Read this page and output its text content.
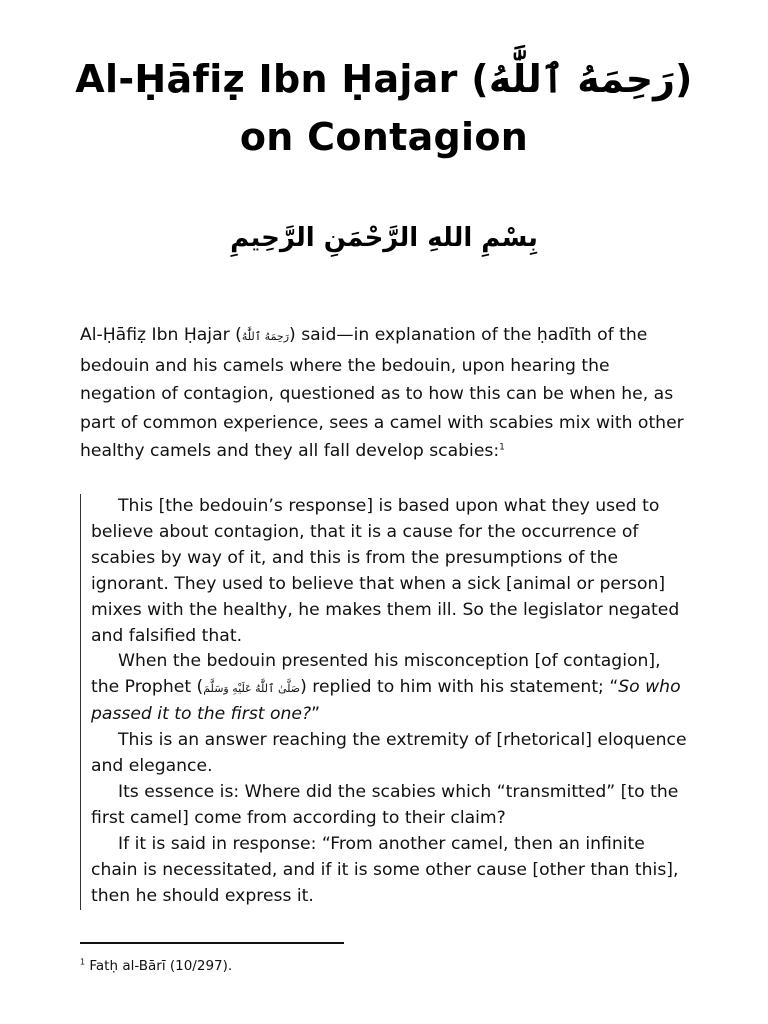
Al-Ḥāfiẓ Ibn Ḥajar (رَحِمَهُ ٱللَّٰهُ)
on Contagion
بِسْمِ اللهِ الرَّحْمَنِ الرَّحِيمِ

Al-Ḥāfiẓ Ibn Ḥajar (رَحِمَهُ ٱللَّٰهُ) said—in explanation of the ḥadīth of the bedouin and his camels where the bedouin, upon hearing the negation of contagion, questioned as to how this can be when he, as part of common experience, sees a camel with scabies mix with other healthy camels and they all fall develop scabies:$^1$

This [the bedouin’s response] is based upon what they used to believe about contagion, that it is a cause for the occurrence of scabies by way of it, and this is from the presumptions of the ignorant. They used to believe that when a sick [animal or person] mixes with the healthy, he makes them ill. So the legislator negated and falsified that.

When the bedouin presented his misconception [of contagion], the Prophet (صَلَّىٰ ٱللَّٰهُ عَلَيْهِ وَسَلَّمَ) replied to him with his statement; “So who passed it to the first one?”

This is an answer reaching the extremity of [rhetorical] eloquence and elegance.

Its essence is: Where did the scabies which “transmitted” [to the first camel] come from according to their claim?

If it is said in response: “From another camel, then an infinite chain is necessitated, and if it is some other cause [other than this], then he should express it.

$^1$ Fatḥ al-Bārī (10/297).
